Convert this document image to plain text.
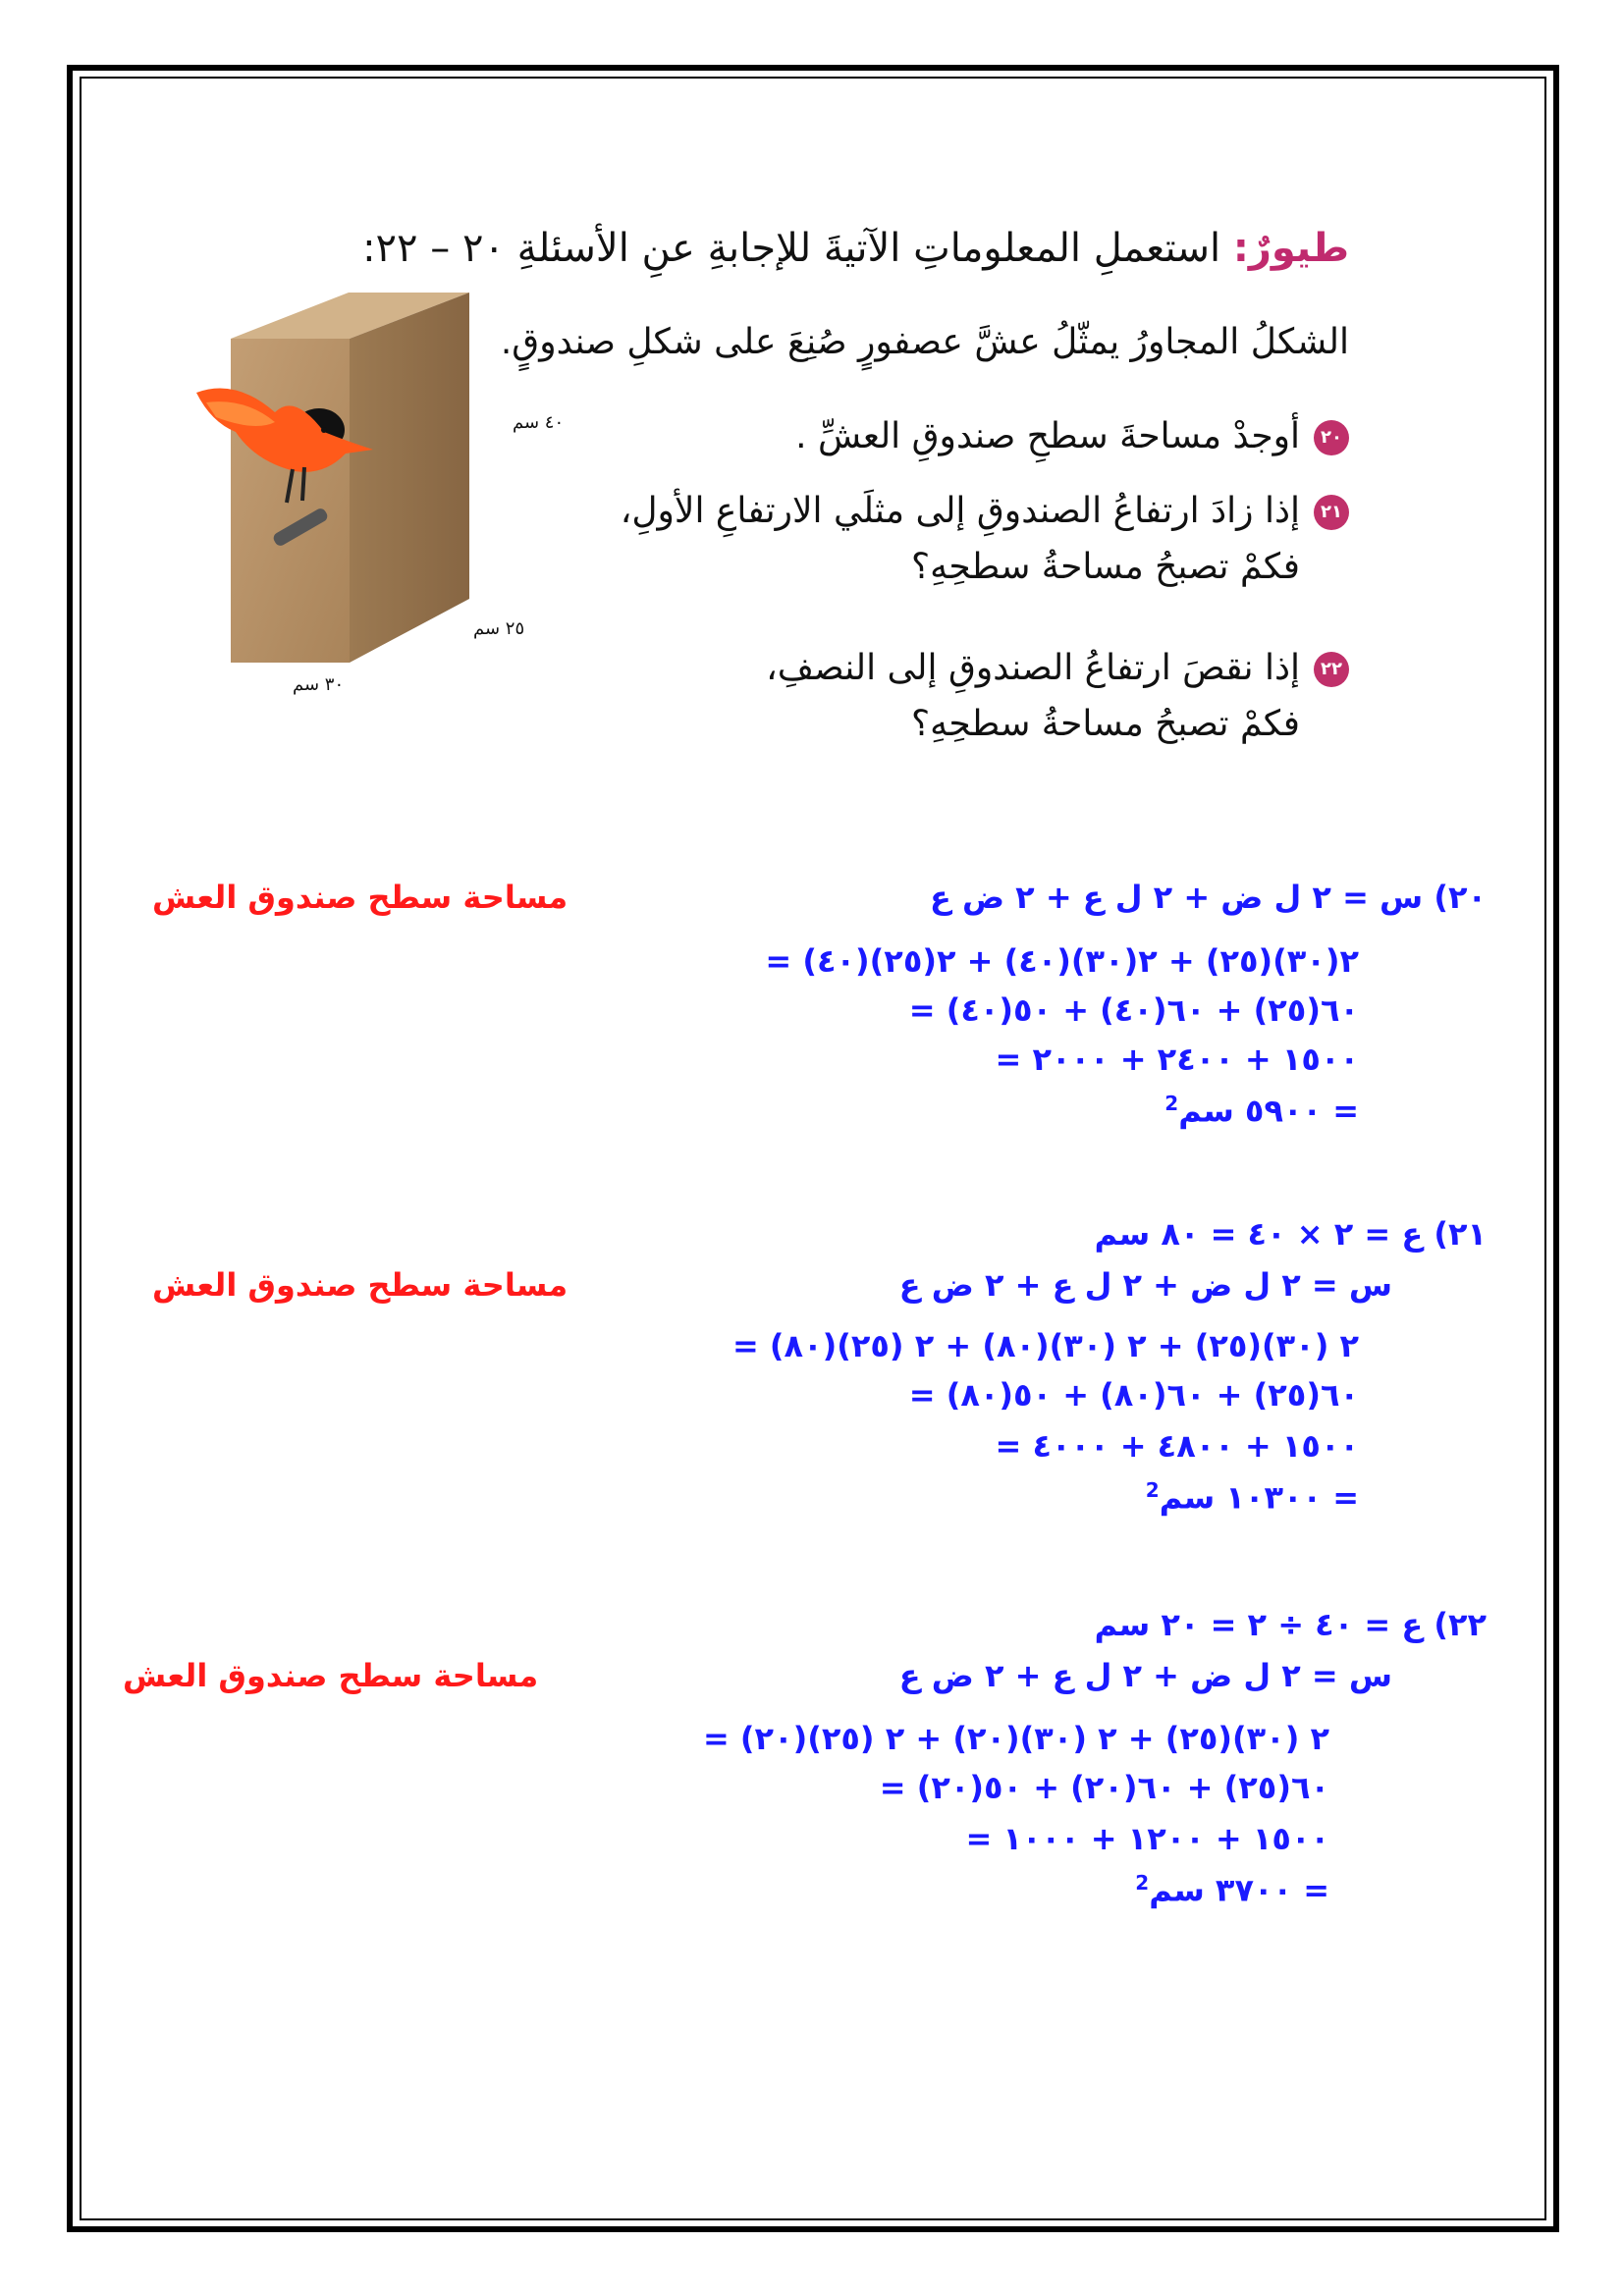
طيورٌ: استعملِ المعلوماتِ الآتيةَ للإجابةِ عنِ الأسئلةِ ٢٠ – ٢٢:
الشكلُ المجاورُ يمثّلُ عشَّ عصفورٍ صُنِعَ على شكلِ صندوقٍ.
٢٠أوجدْ مساحةَ سطحِ صندوقِ العشِّ .
٢١إذا زادَ ارتفاعُ الصندوقِ إلى مثلَي الارتفاعِ الأولِ،
فكمْ تصبحُ مساحةُ سطحِهِ؟
٢٢إذا نقصَ ارتفاعُ الصندوقِ إلى النصفِ،
فكمْ تصبحُ مساحةُ سطحِهِ؟
٤٠ سم
٢٥ سم
٣٠ سم
٢٠) س = ٢ ل ض + ٢ ل ع + ٢ ض ع
مساحة سطح صندوق العش
= ٢(٣٠)(٢٥) + ٢(٣٠)(٤٠) + ٢(٢٥)(٤٠)
= ٦٠(٢٥) + ٦٠(٤٠) + ٥٠(٤٠)
= ١٥٠٠ + ٢٤٠٠ + ٢٠٠٠
= ٥٩٠٠ سم$^2$
٢١) ع = ٢ × ٤٠ = ٨٠ سم
س = ٢ ل ض + ٢ ل ع + ٢ ض ع
مساحة سطح صندوق العش
= ٢ (٣٠)(٢٥) + ٢ (٣٠)(٨٠) + ٢ (٢٥)(٨٠)
= ٦٠(٢٥) + ٦٠(٨٠) + ٥٠(٨٠)
= ١٥٠٠ + ٤٨٠٠ + ٤٠٠٠
= ١٠٣٠٠ سم$^2$
٢٢) ع = ٤٠ ÷ ٢ = ٢٠ سم
س = ٢ ل ض + ٢ ل ع + ٢ ض ع
مساحة سطح صندوق العش
= ٢ (٣٠)(٢٥) + ٢ (٣٠)(٢٠) + ٢ (٢٥)(٢٠)
= ٦٠(٢٥) + ٦٠(٢٠) + ٥٠(٢٠)
= ١٥٠٠ + ١٢٠٠ + ١٠٠٠
= ٣٧٠٠ سم$^2$
